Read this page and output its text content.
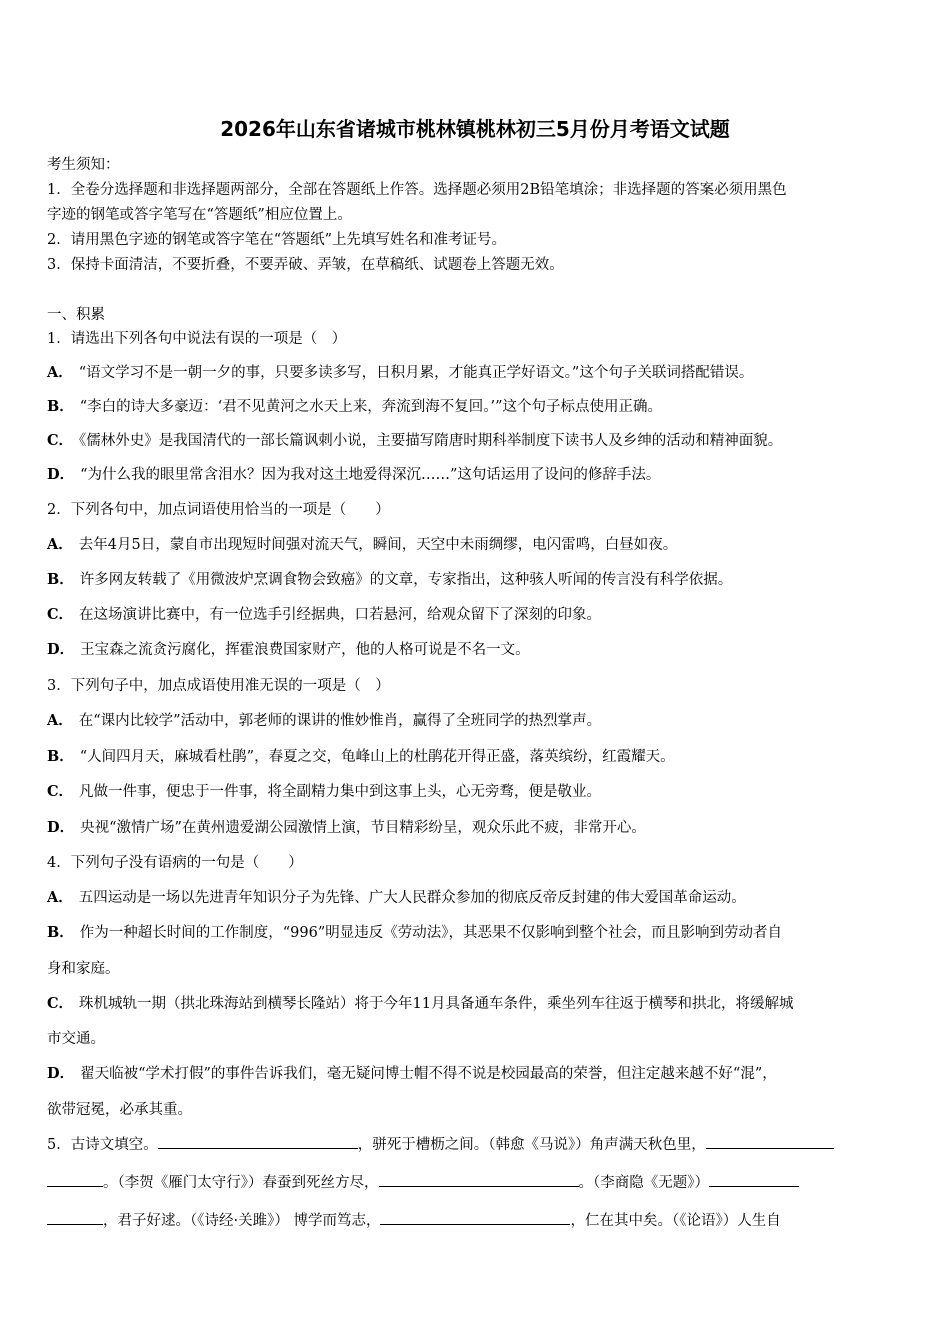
2026年山东省诸城市桃林镇桃林初三5月份月考语文试题
考生须知：
1．全卷分选择题和非选择题两部分，全部在答题纸上作答。选择题必须用2B铅笔填涂；非选择题的答案必须用黑色
字迹的钢笔或答字笔写在“答题纸”相应位置上。
2．请用黑色字迹的钢笔或答字笔在“答题纸”上先填写姓名和准考证号。
3．保持卡面清洁，不要折叠，不要弄破、弄皱，在草稿纸、试题卷上答题无效。
一、积累
1．请选出下列各句中说法有误的一项是（　）
A． “语文学习不是一朝一夕的事，只要多读多写，日积月累，才能真正学好语文。”这个句子关联词搭配错误。
B． “李白的诗大多豪迈：‘君不见黄河之水天上来，奔流到海不复回。’”这个句子标点使用正确。
C． 《儒林外史》是我国清代的一部长篇讽刺小说，主要描写隋唐时期科举制度下读书人及乡绅的活动和精神面貌。
D． “为什么我的眼里常含泪水？因为我对这土地爱得深沉……”这句话运用了设问的修辞手法。
2．下列各句中，加点词语使用恰当的一项是（　　）
A． 去年4月5日，蒙自市出现短时间强对流天气，瞬间，天空中未雨绸缪，电闪雷鸣，白昼如夜。
B． 许多网友转载了《用微波炉烹调食物会致癌》的文章，专家指出，这种骇人听闻的传言没有科学依据。
C． 在这场演讲比赛中，有一位选手引经据典，口若悬河，给观众留下了深刻的印象。
D． 王宝森之流贪污腐化，挥霍浪费国家财产，他的人格可说是不名一文。
3．下列句子中，加点成语使用准无误的一项是（　）
A． 在“课内比较学”活动中，郭老师的课讲的惟妙惟肖，赢得了全班同学的热烈掌声。
B． “人间四月天，麻城看杜鹃”，春夏之交，龟峰山上的杜鹃花开得正盛，落英缤纷，红霞耀天。
C． 凡做一件事，便忠于一件事，将全副精力集中到这事上头，心无旁骛，便是敬业。
D． 央视“激情广场”在黄州遗爱湖公园激情上演，节目精彩纷呈，观众乐此不疲，非常开心。
4．下列句子没有语病的一句是（　　）
A． 五四运动是一场以先进青年知识分子为先锋、广大人民群众参加的彻底反帝反封建的伟大爱国革命运动。
B． 作为一种超长时间的工作制度，“996”明显违反《劳动法》，其恶果不仅影响到整个社会，而且影响到劳动者自
身和家庭。
C． 珠机城轨一期（拱北珠海站到横琴长隆站）将于今年11月具备通车条件，乘坐列车往返于横琴和拱北，将缓解城
市交通。
D． 翟天临被“学术打假”的事件告诉我们，毫无疑问博士帽不得不说是校园最高的荣誉，但注定越来越不好“混”，
欲带冠冕，必承其重。
5．古诗文填空。	，骈死于槽枥之间。（韩愈《马说》）角声满天秋色里，
。（李贺《雁门太守行》）春蚕到死丝方尽，	。（李商隐《无题》）
，君子好逑。（《诗经·关雎》） 博学而笃志，	，仁在其中矣。（《论语》）人生自
